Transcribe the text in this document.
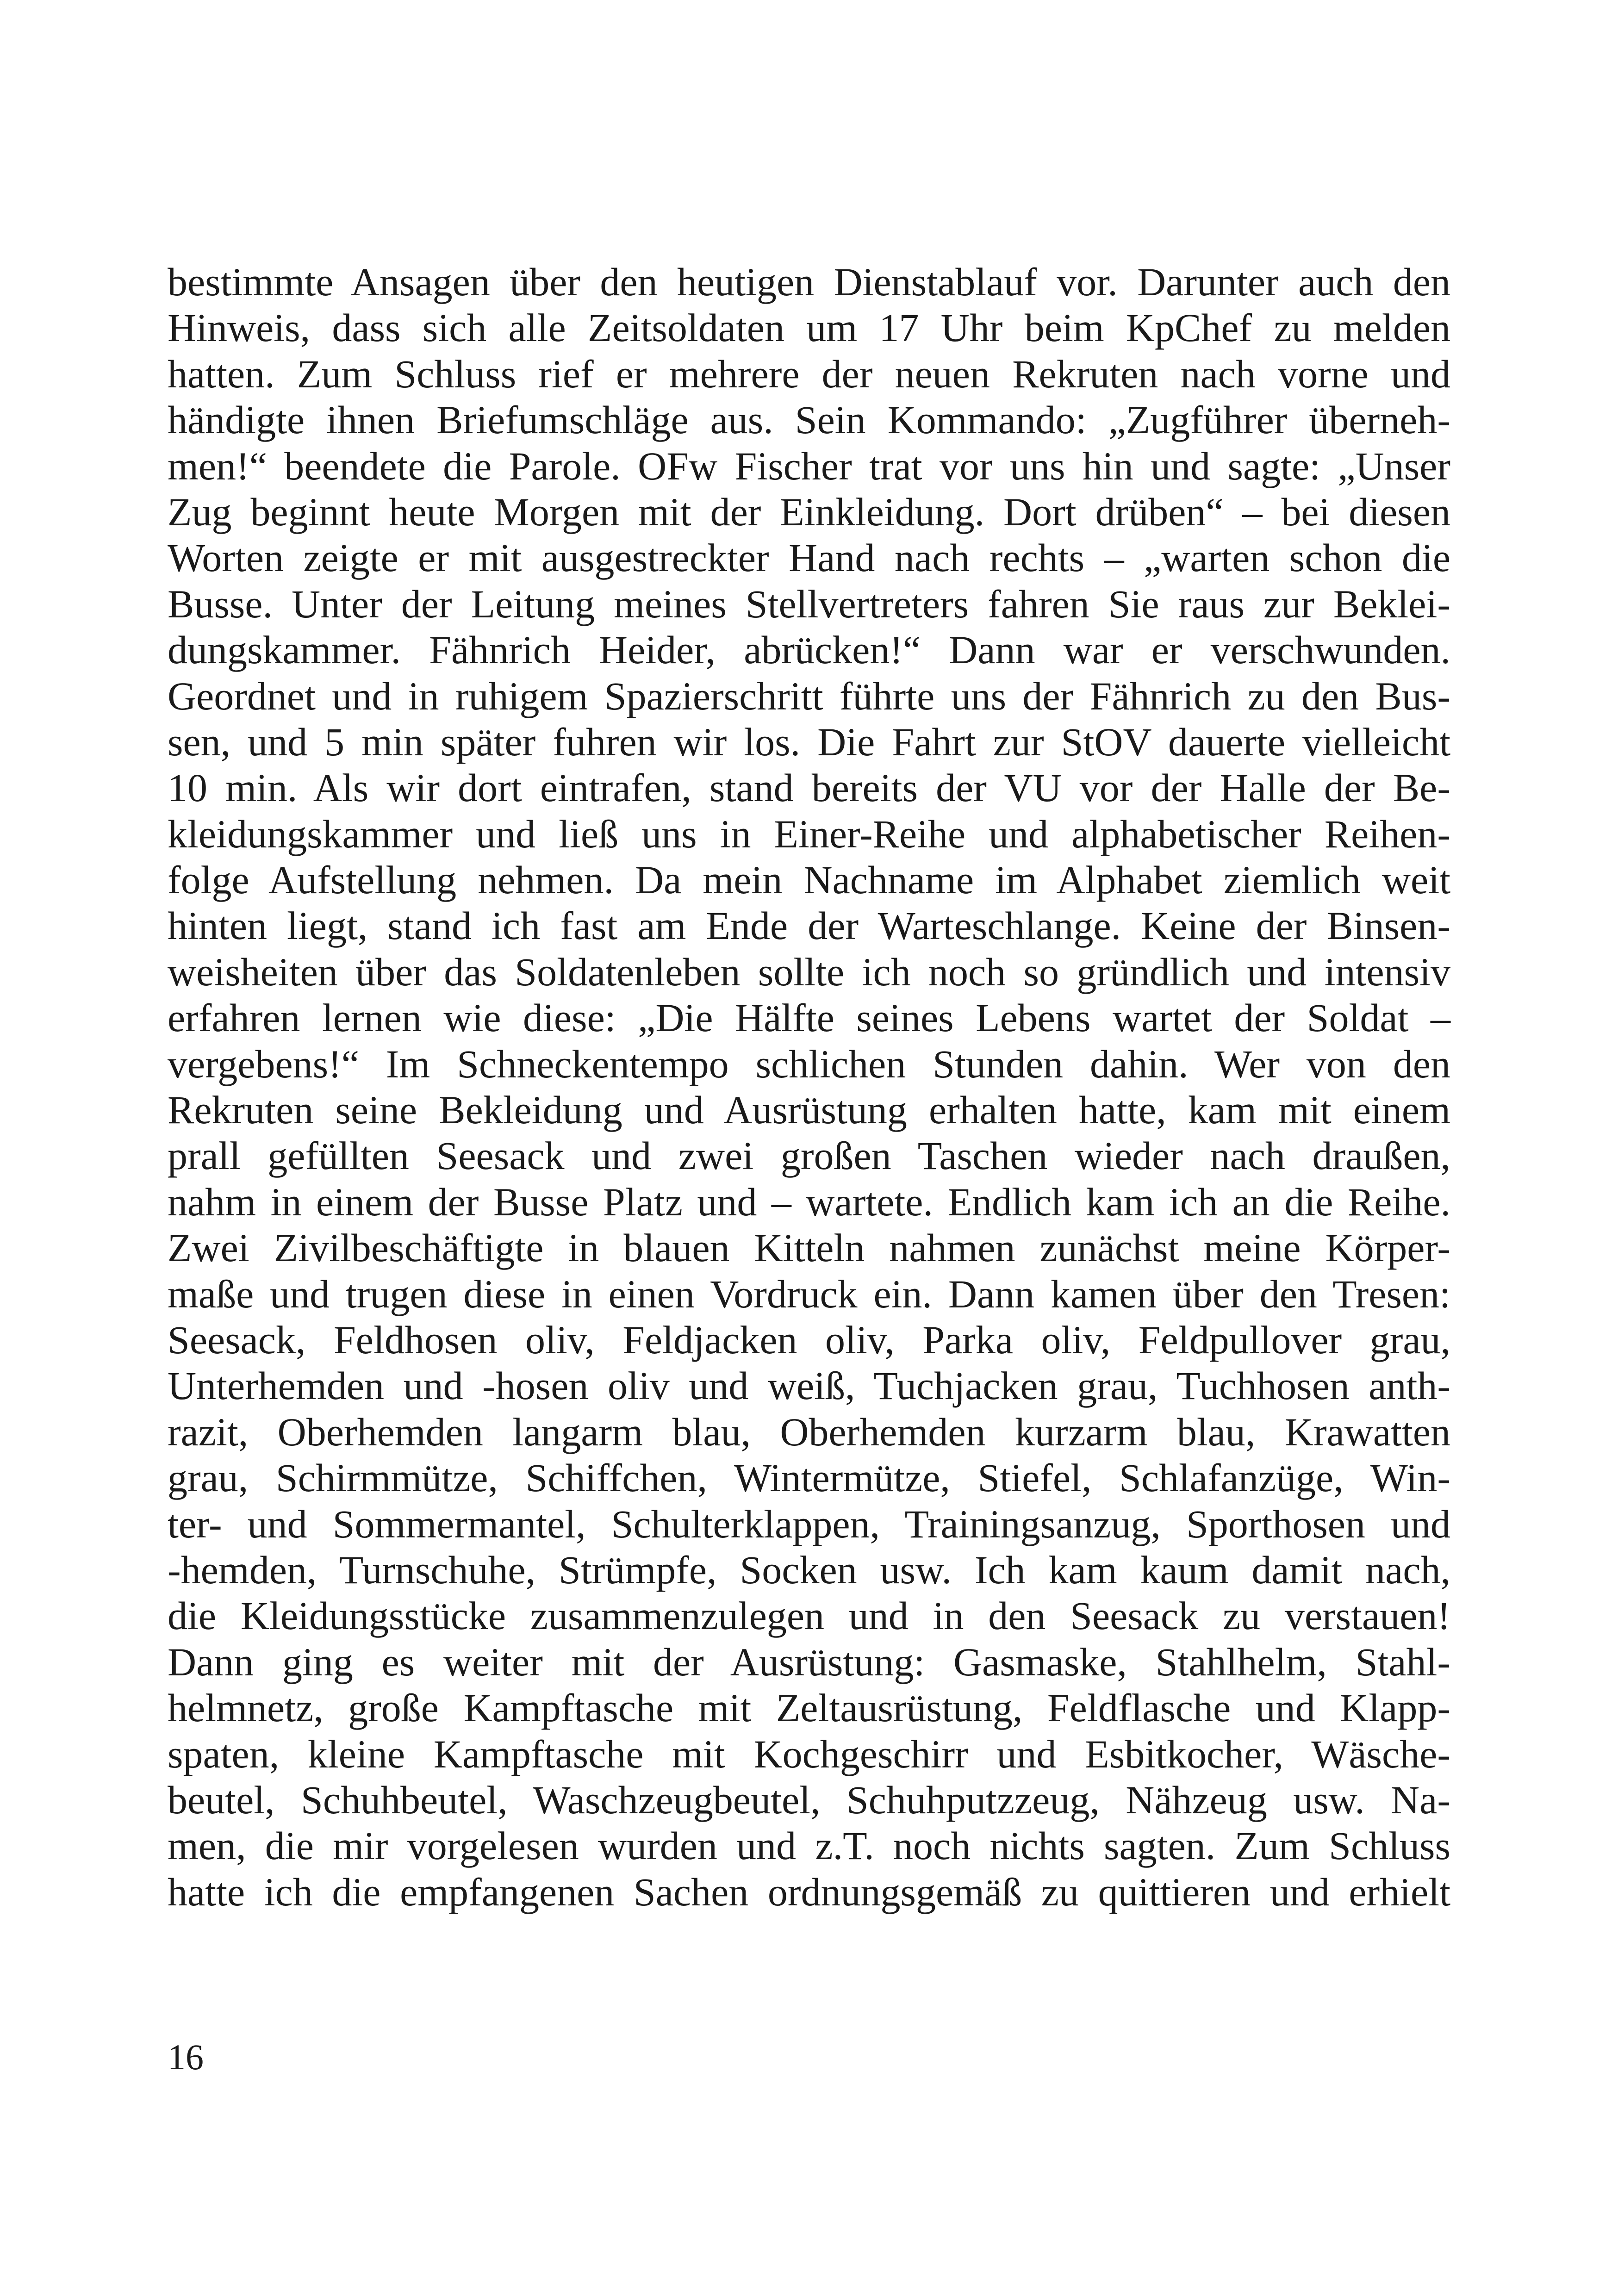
bestimmte Ansagen über den heutigen Dienstablauf vor. Darunter auch den
Hinweis, dass sich alle Zeitsoldaten um 17 Uhr beim KpChef zu melden
hatten. Zum Schluss rief er mehrere der neuen Rekruten nach vorne und
händigte ihnen Briefumschläge aus. Sein Kommando: „Zugführer überneh-
men!“ beendete die Parole. OFw Fischer trat vor uns hin und sagte: „Unser
Zug beginnt heute Morgen mit der Einkleidung. Dort drüben“ – bei diesen
Worten zeigte er mit ausgestreckter Hand nach rechts – „warten schon die
Busse. Unter der Leitung meines Stellvertreters fahren Sie raus zur Beklei-
dungskammer. Fähnrich Heider, abrücken!“ Dann war er verschwunden.
Geordnet und in ruhigem Spazierschritt führte uns der Fähnrich zu den Bus-
sen, und 5 min später fuhren wir los. Die Fahrt zur StOV dauerte vielleicht
10 min. Als wir dort eintrafen, stand bereits der VU vor der Halle der Be-
kleidungskammer und ließ uns in Einer-Reihe und alphabetischer Reihen-
folge Aufstellung nehmen. Da mein Nachname im Alphabet ziemlich weit
hinten liegt, stand ich fast am Ende der Warteschlange. Keine der Binsen-
weisheiten über das Soldatenleben sollte ich noch so gründlich und intensiv
erfahren lernen wie diese: „Die Hälfte seines Lebens wartet der Soldat –
vergebens!“ Im Schneckentempo schlichen Stunden dahin. Wer von den
Rekruten seine Bekleidung und Ausrüstung erhalten hatte, kam mit einem
prall gefüllten Seesack und zwei großen Taschen wieder nach draußen,
nahm in einem der Busse Platz und – wartete. Endlich kam ich an die Reihe.
Zwei Zivilbeschäftigte in blauen Kitteln nahmen zunächst meine Körper-
maße und trugen diese in einen Vordruck ein. Dann kamen über den Tresen:
Seesack, Feldhosen oliv, Feldjacken oliv, Parka oliv, Feldpullover grau,
Unterhemden und -hosen oliv und weiß, Tuchjacken grau, Tuchhosen anth-
razit, Oberhemden langarm blau, Oberhemden kurzarm blau, Krawatten
grau, Schirmmütze, Schiffchen, Wintermütze, Stiefel, Schlafanzüge, Win-
ter- und Sommermantel, Schulterklappen, Trainingsanzug, Sporthosen und
-hemden, Turnschuhe, Strümpfe, Socken usw. Ich kam kaum damit nach,
die Kleidungsstücke zusammenzulegen und in den Seesack zu verstauen!
Dann ging es weiter mit der Ausrüstung: Gasmaske, Stahlhelm, Stahl-
helmnetz, große Kampftasche mit Zeltausrüstung, Feldflasche und Klapp-
spaten, kleine Kampftasche mit Kochgeschirr und Esbitkocher, Wäsche-
beutel, Schuhbeutel, Waschzeugbeutel, Schuhputzzeug, Nähzeug usw. Na-
men, die mir vorgelesen wurden und z.T. noch nichts sagten. Zum Schluss
hatte ich die empfangenen Sachen ordnungsgemäß zu quittieren und erhielt
16
